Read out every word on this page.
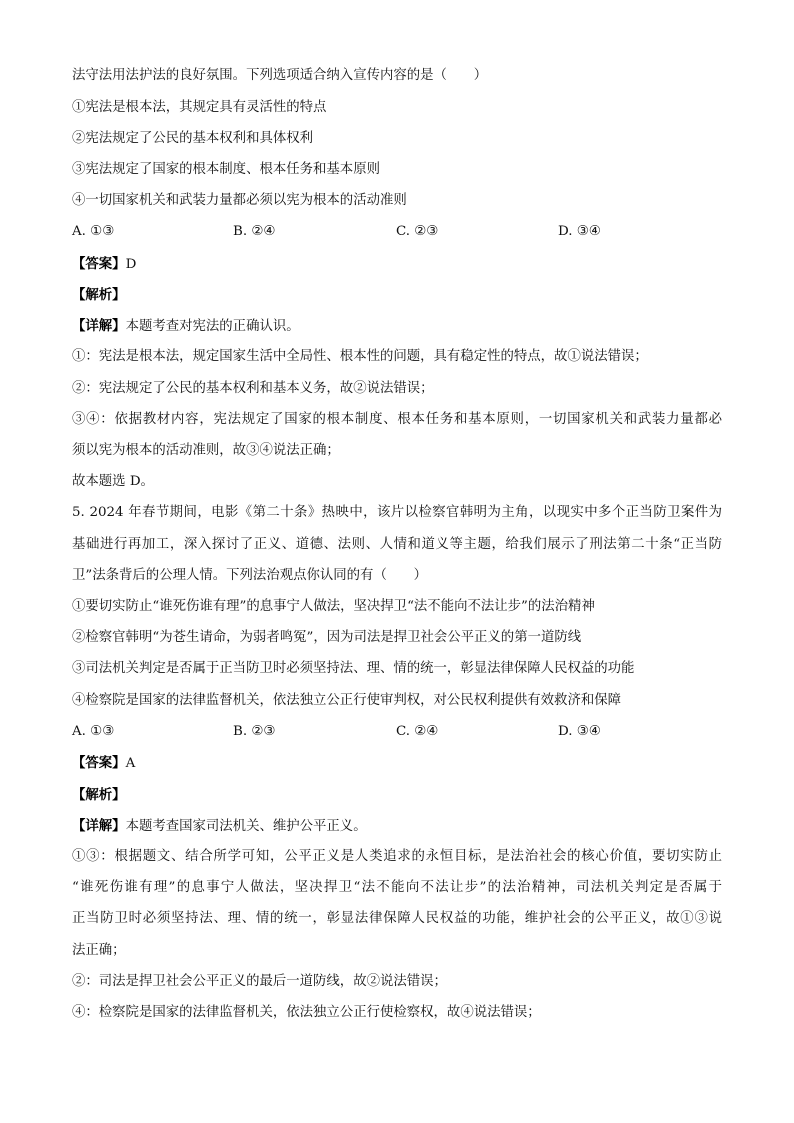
法守法用法护法的良好氛围。下列选项适合纳入宣传内容的是（　　）
①宪法是根本法，其规定具有灵活性的特点
②宪法规定了公民的基本权利和具体权利
③宪法规定了国家的根本制度、根本任务和基本原则
④一切国家机关和武装力量都必须以宪为根本的活动准则
A. ①③	B. ②④	C. ②③	D. ③④
【答案】D
【解析】
【详解】本题考查对宪法的正确认识。
①：宪法是根本法，规定国家生活中全局性、根本性的问题，具有稳定性的特点，故①说法错误；
②：宪法规定了公民的基本权利和基本义务，故②说法错误；
③④：依据教材内容，宪法规定了国家的根本制度、根本任务和基本原则，一切国家机关和武装力量都必
须以宪为根本的活动准则，故③④说法正确；
故本题选 D。
5. 2024 年春节期间，电影《第二十条》热映中，该片以检察官韩明为主角，以现实中多个正当防卫案件为
基础进行再加工，深入探讨了正义、道德、法则、人情和道义等主题，给我们展示了刑法第二十条“正当防
卫”法条背后的公理人情。下列法治观点你认同的有（　　）
①要切实防止“谁死伤谁有理”的息事宁人做法，坚决捍卫“法不能向不法让步”的法治精神
②检察官韩明“为苍生请命，为弱者鸣冤”，因为司法是捍卫社会公平正义的第一道防线
③司法机关判定是否属于正当防卫时必须坚持法、理、情的统一，彰显法律保障人民权益的功能
④检察院是国家的法律监督机关，依法独立公正行使审判权，对公民权利提供有效救济和保障
A. ①③	B. ②③	C. ②④	D. ③④
【答案】A
【解析】
【详解】本题考查国家司法机关、维护公平正义。
①③：根据题文、结合所学可知，公平正义是人类追求的永恒目标，是法治社会的核心价值，要切实防止
“谁死伤谁有理”的息事宁人做法，坚决捍卫“法不能向不法让步”的法治精神，司法机关判定是否属于
正当防卫时必须坚持法、理、情的统一，彰显法律保障人民权益的功能，维护社会的公平正义，故①③说
法正确；
②：司法是捍卫社会公平正义的最后一道防线，故②说法错误；
④：检察院是国家的法律监督机关，依法独立公正行使检察权，故④说法错误；
